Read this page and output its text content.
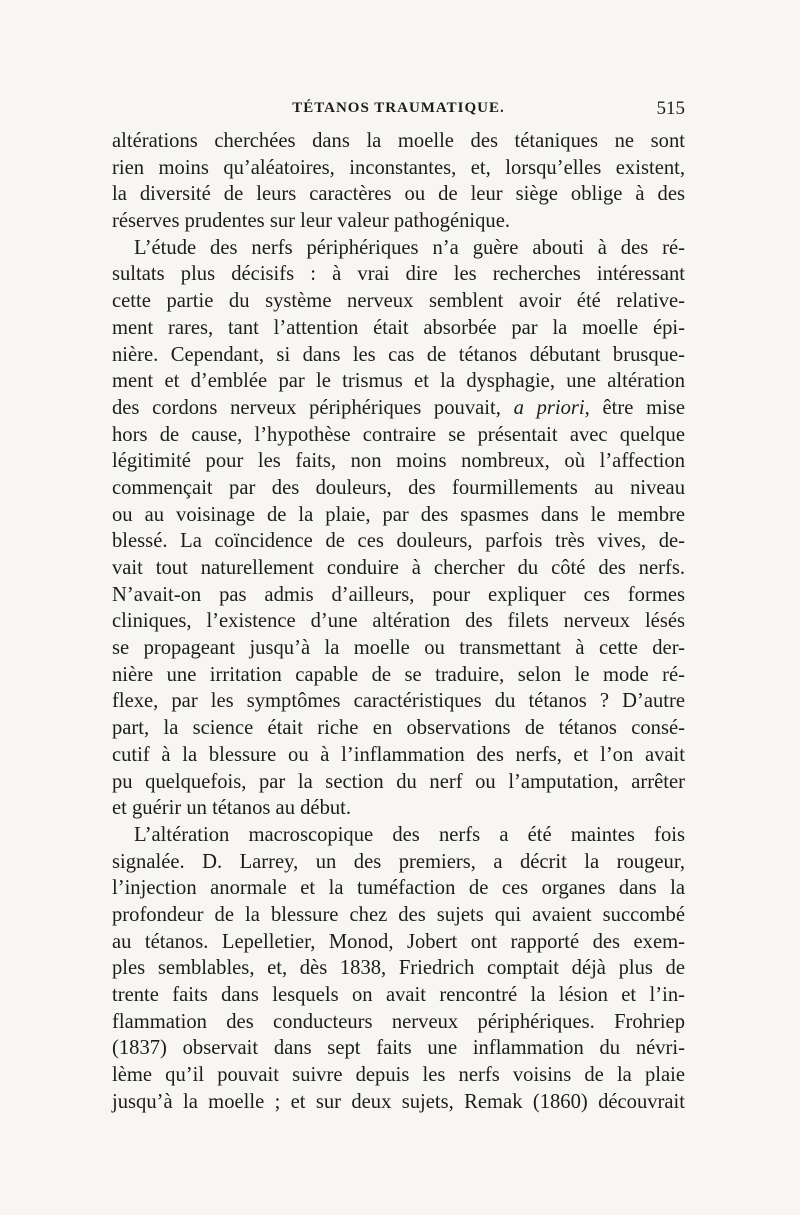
TÉTANOS TRAUMATIQUE.	515
altérations cherchées dans la moelle des tétaniques ne sont
rien moins qu’aléatoires, inconstantes, et, lorsqu’elles existent,
la diversité de leurs caractères ou de leur siège oblige à des
réserves prudentes sur leur valeur pathogénique.
L’étude des nerfs périphériques n’a guère abouti à des ré-
sultats plus décisifs : à vrai dire les recherches intéressant
cette partie du système nerveux semblent avoir été relative-
ment rares, tant l’attention était absorbée par la moelle épi-
nière. Cependant, si dans les cas de tétanos débutant brusque-
ment et d’emblée par le trismus et la dysphagie, une altération
des cordons nerveux périphériques pouvait, a priori, être mise
hors de cause, l’hypothèse contraire se présentait avec quelque
légitimité pour les faits, non moins nombreux, où l’affection
commençait par des douleurs, des fourmillements au niveau
ou au voisinage de la plaie, par des spasmes dans le membre
blessé. La coïncidence de ces douleurs, parfois très vives, de-
vait tout naturellement conduire à chercher du côté des nerfs.
N’avait-on pas admis d’ailleurs, pour expliquer ces formes
cliniques, l’existence d’une altération des filets nerveux lésés
se propageant jusqu’à la moelle ou transmettant à cette der-
nière une irritation capable de se traduire, selon le mode ré-
flexe, par les symptômes caractéristiques du tétanos ? D’autre
part, la science était riche en observations de tétanos consé-
cutif à la blessure ou à l’inflammation des nerfs, et l’on avait
pu quelquefois, par la section du nerf ou l’amputation, arrêter
et guérir un tétanos au début.
L’altération macroscopique des nerfs a été maintes fois
signalée. D. Larrey, un des premiers, a décrit la rougeur,
l’injection anormale et la tuméfaction de ces organes dans la
profondeur de la blessure chez des sujets qui avaient succombé
au tétanos. Lepelletier, Monod, Jobert ont rapporté des exem-
ples semblables, et, dès 1838, Friedrich comptait déjà plus de
trente faits dans lesquels on avait rencontré la lésion et l’in-
flammation des conducteurs nerveux périphériques. Frohriep
(1837) observait dans sept faits une inflammation du névri-
lème qu’il pouvait suivre depuis les nerfs voisins de la plaie
jusqu’à la moelle ; et sur deux sujets, Remak (1860) découvrait
